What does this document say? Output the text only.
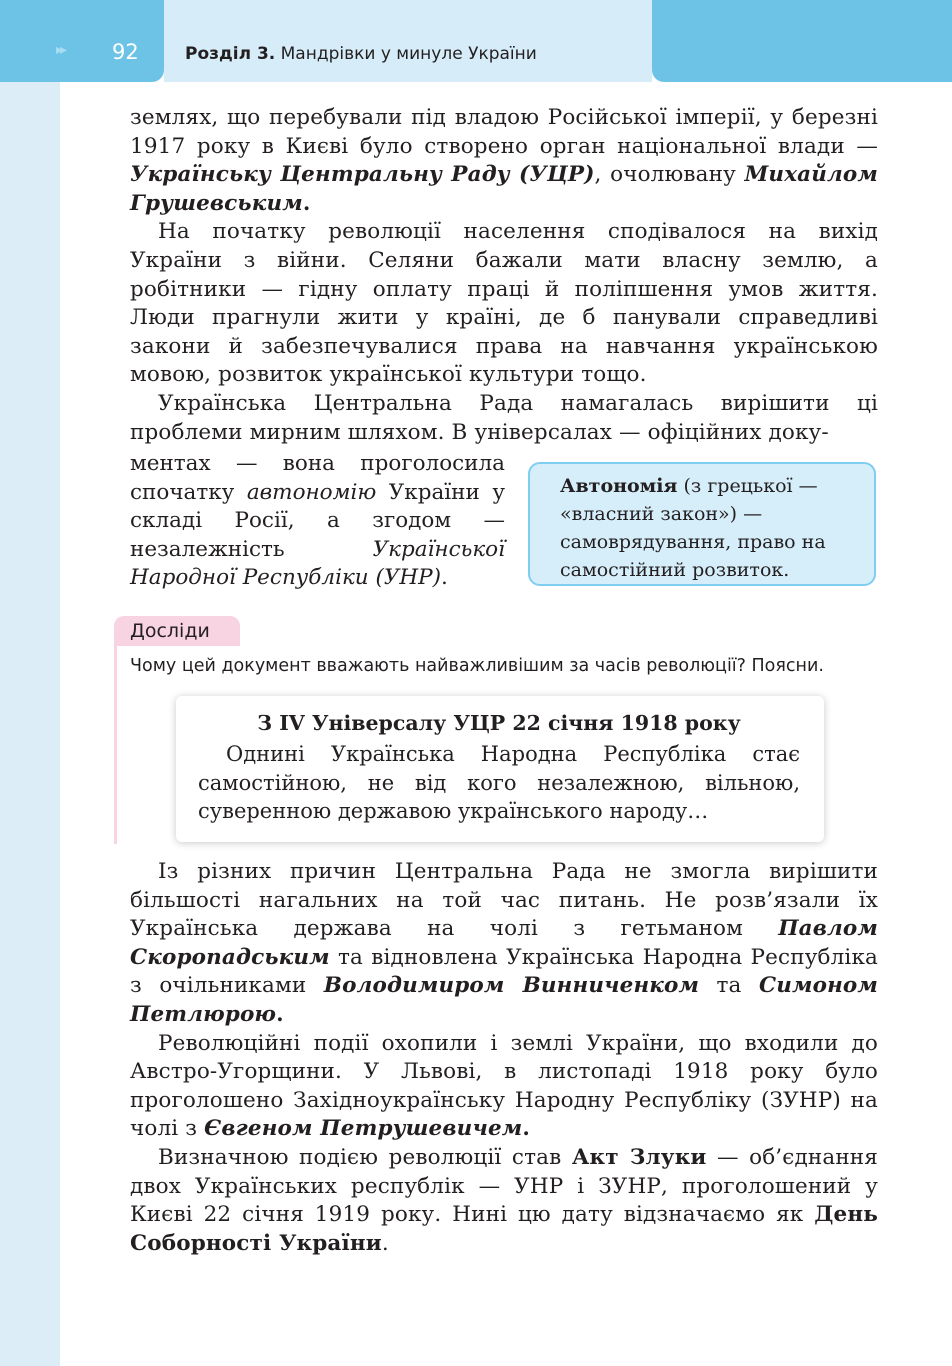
▸▸ 92	Розділ 3. Мандрівки у минуле України

землях, що перебували під владою Російської імперії, у березні 1917 року в Києві було створено орган національної влади — Українську Центральну Раду (УЦР), очолювану Михайлом Грушевським.

На початку революції населення сподівалося на вихід України з війни. Селяни бажали мати власну землю, а робітники — гідну оплату праці й поліпшення умов життя. Люди прагнули жити у країні, де б панували справедливі закони й забезпечувалися права на навчання українською мовою, розвиток української культури тощо.

Українська Центральна Рада намагалась вирішити ці проблеми мирним шляхом. В універсалах — офіційних доку-

ментах — вона проголосила спочатку автономію України у складі Росії, а згодом — незалежність Української Народної Республіки (УНР).

Автономія (з грецької — «власний закон») — самоврядування, право на самостійний розвиток.
Досліди
Чому цей документ вважають найважливішим за часів революції? Поясни.
З IV Універсалу УЦР 22 січня 1918 року

Однині Українська Народна Республіка стає самостійною, не від кого незалежною, вільною, суверенною державою українського народу…

Із різних причин Центральна Рада не змогла вирішити більшості нагальних на той час питань. Не розв’язали їх Українська держава на чолі з гетьманом Павлом Скоропадським та відновлена Українська Народна Республіка з очільниками Володимиром Винниченком та Симоном Петлюрою.

Революційні події охопили і землі України, що входили до Австро-Угорщини. У Львові, в листопаді 1918 року було проголошено Західноукраїнську Народну Республіку (ЗУНР) на чолі з Євгеном Петрушевичем.

Визначною подією революції став Акт Злуки — об’єднання двох Українських республік — УНР і ЗУНР, проголошений у Києві 22 січня 1919 року. Нині цю дату відзначаємо як День Соборності України.
